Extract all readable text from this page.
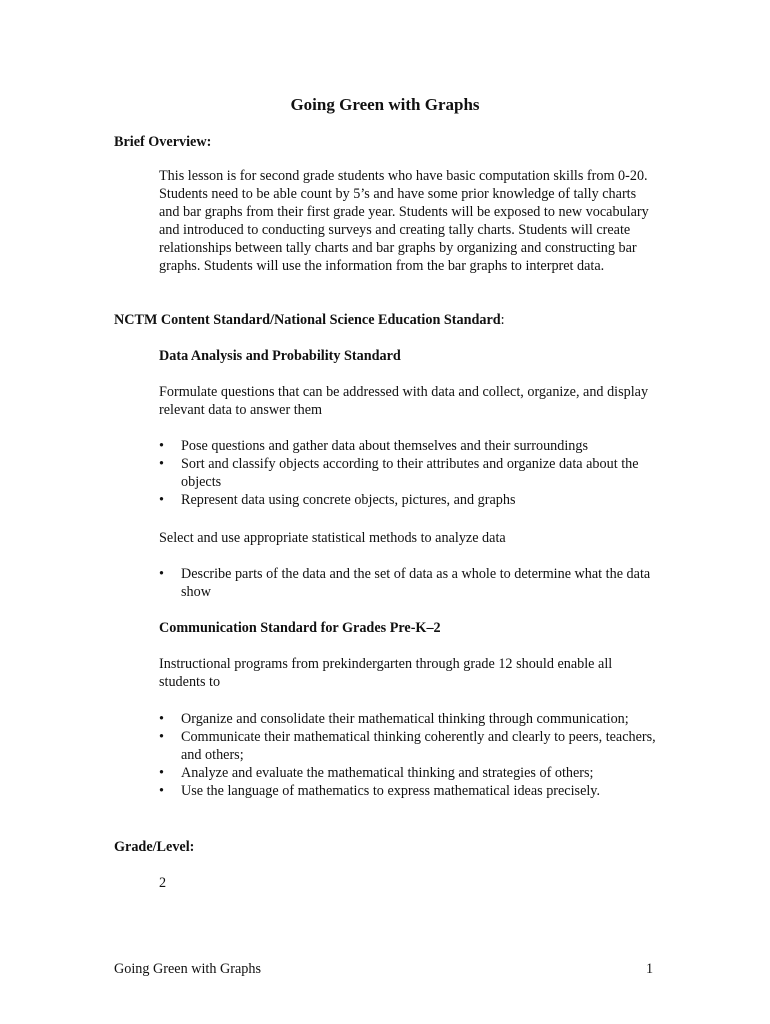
Going Green with Graphs
Brief Overview:

This lesson is for second grade students who have basic computation skills from 0-20. Students need to be able count by 5’s and have some prior knowledge of tally charts and bar graphs from their first grade year. Students will be exposed to new vocabulary and introduced to conducting surveys and creating tally charts. Students will create relationships between tally charts and bar graphs by organizing and constructing bar graphs. Students will use the information from the bar graphs to interpret data.

NCTM Content Standard/National Science Education Standard:
Data Analysis and Probability Standard

Formulate questions that can be addressed with data and collect, organize, and display relevant data to answer them

•	Pose questions and gather data about themselves and their surroundings
•	Sort and classify objects according to their attributes and organize data about the objects
•	Represent data using concrete objects, pictures, and graphs

Select and use appropriate statistical methods to analyze data

•	Describe parts of the data and the set of data as a whole to determine what the data show
Communication Standard for Grades Pre-K–2

Instructional programs from prekindergarten through grade 12 should enable all students to

•	Organize and consolidate their mathematical thinking through communication;
•	Communicate their mathematical thinking coherently and clearly to peers, teachers, and others;
•	Analyze and evaluate the mathematical thinking and strategies of others;
•	Use the language of mathematics to express mathematical ideas precisely.
Grade/Level:
2
Going Green with Graphs	1
